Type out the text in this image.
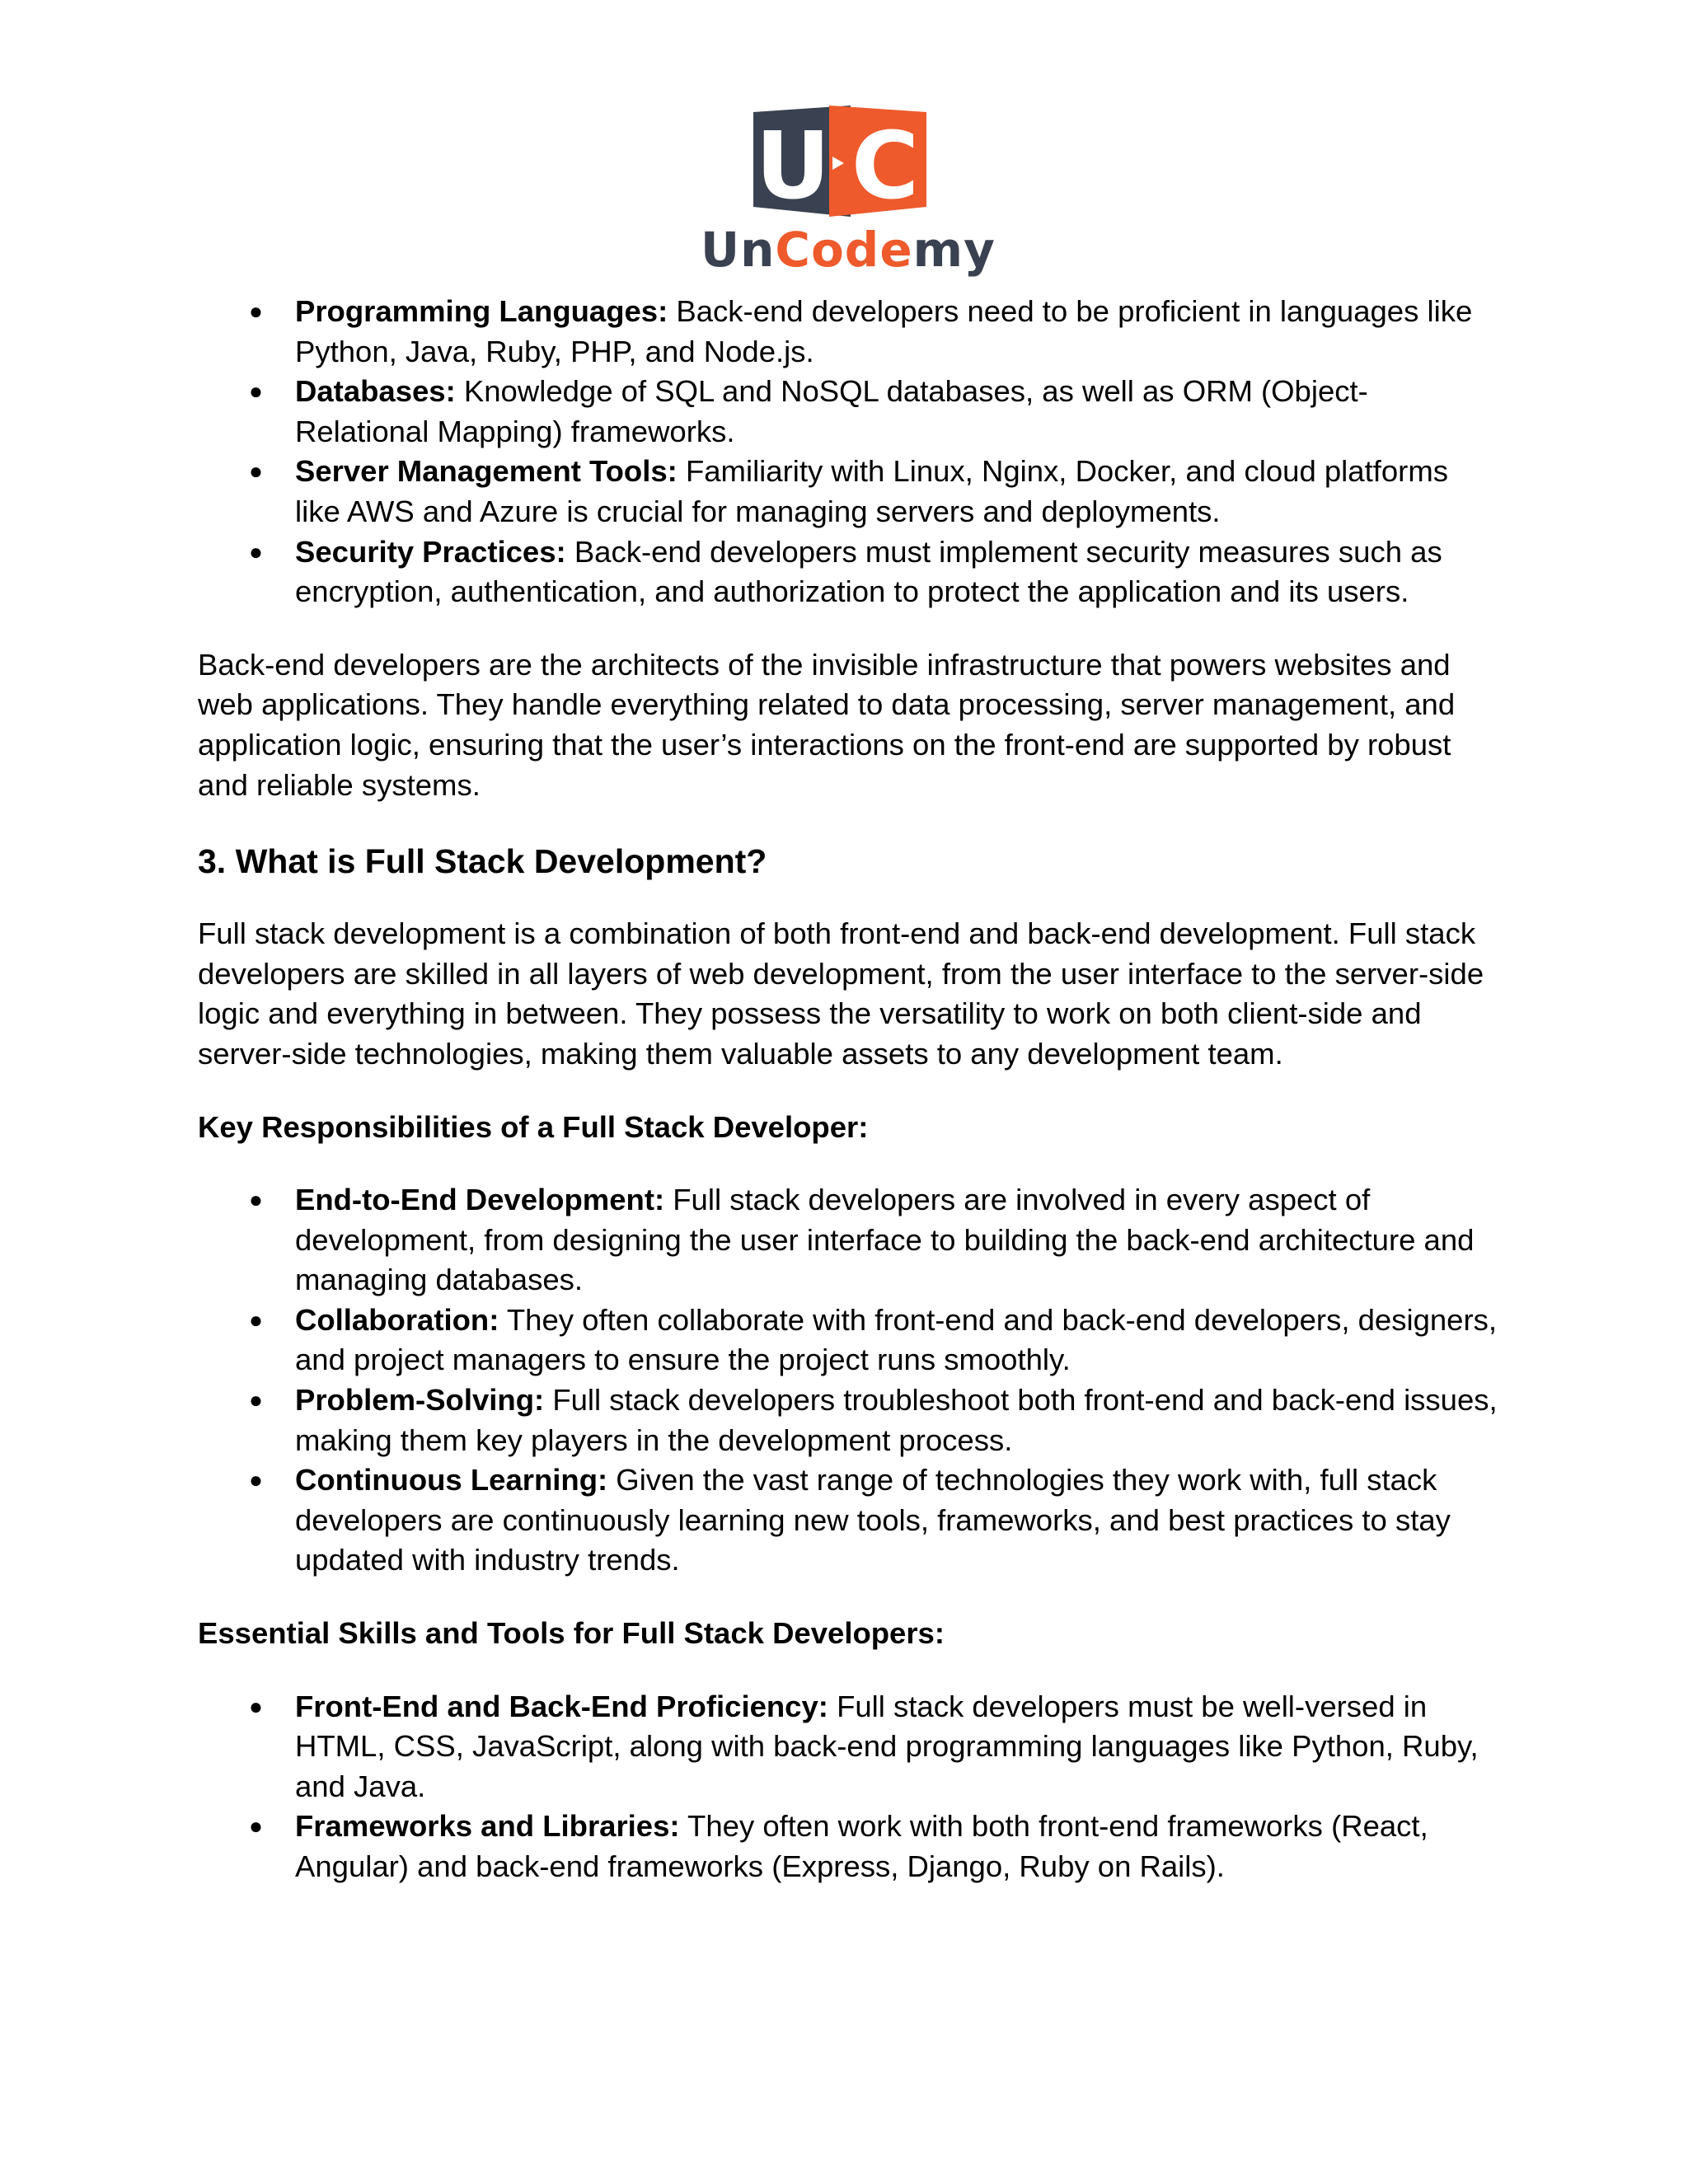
U C
UnCodemy
● Programming Languages: Back-end developers need to be proficient in languages like Python, Java, Ruby, PHP, and Node.js.
● Databases: Knowledge of SQL and NoSQL databases, as well as ORM (Object-Relational Mapping) frameworks.
● Server Management Tools: Familiarity with Linux, Nginx, Docker, and cloud platforms like AWS and Azure is crucial for managing servers and deployments.
● Security Practices: Back-end developers must implement security measures such as encryption, authentication, and authorization to protect the application and its users.

Back-end developers are the architects of the invisible infrastructure that powers websites and web applications. They handle everything related to data processing, server management, and application logic, ensuring that the user’s interactions on the front-end are supported by robust and reliable systems.

3. What is Full Stack Development?

Full stack development is a combination of both front-end and back-end development. Full stack developers are skilled in all layers of web development, from the user interface to the server-side logic and everything in between. They possess the versatility to work on both client-side and server-side technologies, making them valuable assets to any development team.

Key Responsibilities of a Full Stack Developer:

● End-to-End Development: Full stack developers are involved in every aspect of development, from designing the user interface to building the back-end architecture and managing databases.
● Collaboration: They often collaborate with front-end and back-end developers, designers, and project managers to ensure the project runs smoothly.
● Problem-Solving: Full stack developers troubleshoot both front-end and back-end issues, making them key players in the development process.
● Continuous Learning: Given the vast range of technologies they work with, full stack developers are continuously learning new tools, frameworks, and best practices to stay updated with industry trends.

Essential Skills and Tools for Full Stack Developers:

● Front-End and Back-End Proficiency: Full stack developers must be well-versed in HTML, CSS, JavaScript, along with back-end programming languages like Python, Ruby, and Java.
● Frameworks and Libraries: They often work with both front-end frameworks (React, Angular) and back-end frameworks (Express, Django, Ruby on Rails).
